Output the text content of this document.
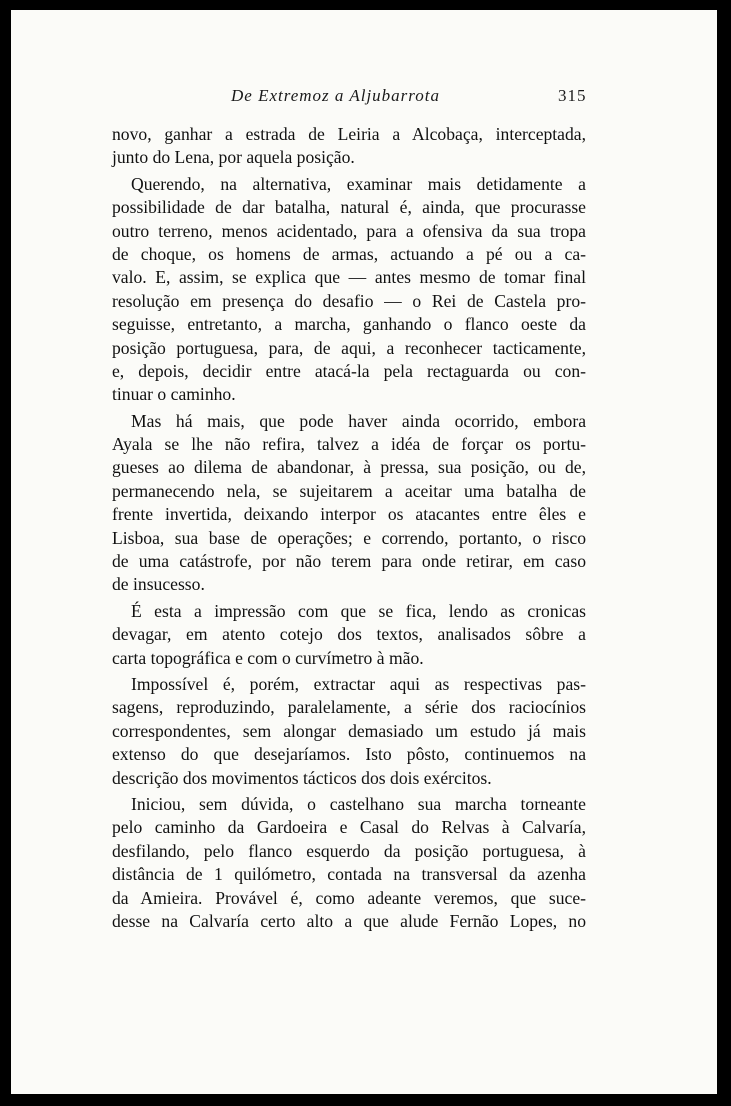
De Extremoz a Aljubarrota	315
novo, ganhar a estrada de Leiria a Alcobaça, interceptada,
junto do Lena, por aquela posição.
Querendo, na alternativa, examinar mais detidamente a
possibilidade de dar batalha, natural é, ainda, que procurasse
outro terreno, menos acidentado, para a ofensiva da sua tropa
de choque, os homens de armas, actuando a pé ou a ca-
valo. E, assim, se explica que — antes mesmo de tomar final
resolução em presença do desafio — o Rei de Castela pro-
seguisse, entretanto, a marcha, ganhando o flanco oeste da
posição portuguesa, para, de aqui, a reconhecer tacticamente,
e, depois, decidir entre atacá-la pela rectaguarda ou con-
tinuar o caminho.
Mas há mais, que pode haver ainda ocorrido, embora
Ayala se lhe não refira, talvez a idéa de forçar os portu-
gueses ao dilema de abandonar, à pressa, sua posição, ou de,
permanecendo nela, se sujeitarem a aceitar uma batalha de
frente invertida, deixando interpor os atacantes entre êles e
Lisboa, sua base de operações; e correndo, portanto, o risco
de uma catástrofe, por não terem para onde retirar, em caso
de insucesso.
É esta a impressão com que se fica, lendo as cronicas
devagar, em atento cotejo dos textos, analisados sôbre a
carta topográfica e com o curvímetro à mão.
Impossível é, porém, extractar aqui as respectivas pas-
sagens, reproduzindo, paralelamente, a série dos raciocínios
correspondentes, sem alongar demasiado um estudo já mais
extenso do que desejaríamos. Isto pôsto, continuemos na
descrição dos movimentos tácticos dos dois exércitos.
Iniciou, sem dúvida, o castelhano sua marcha torneante
pelo caminho da Gardoeira e Casal do Relvas à Calvaría,
desfilando, pelo flanco esquerdo da posição portuguesa, à
distância de 1 quilómetro, contada na transversal da azenha
da Amieira. Provável é, como adeante veremos, que suce-
desse na Calvaría certo alto a que alude Fernão Lopes, no
